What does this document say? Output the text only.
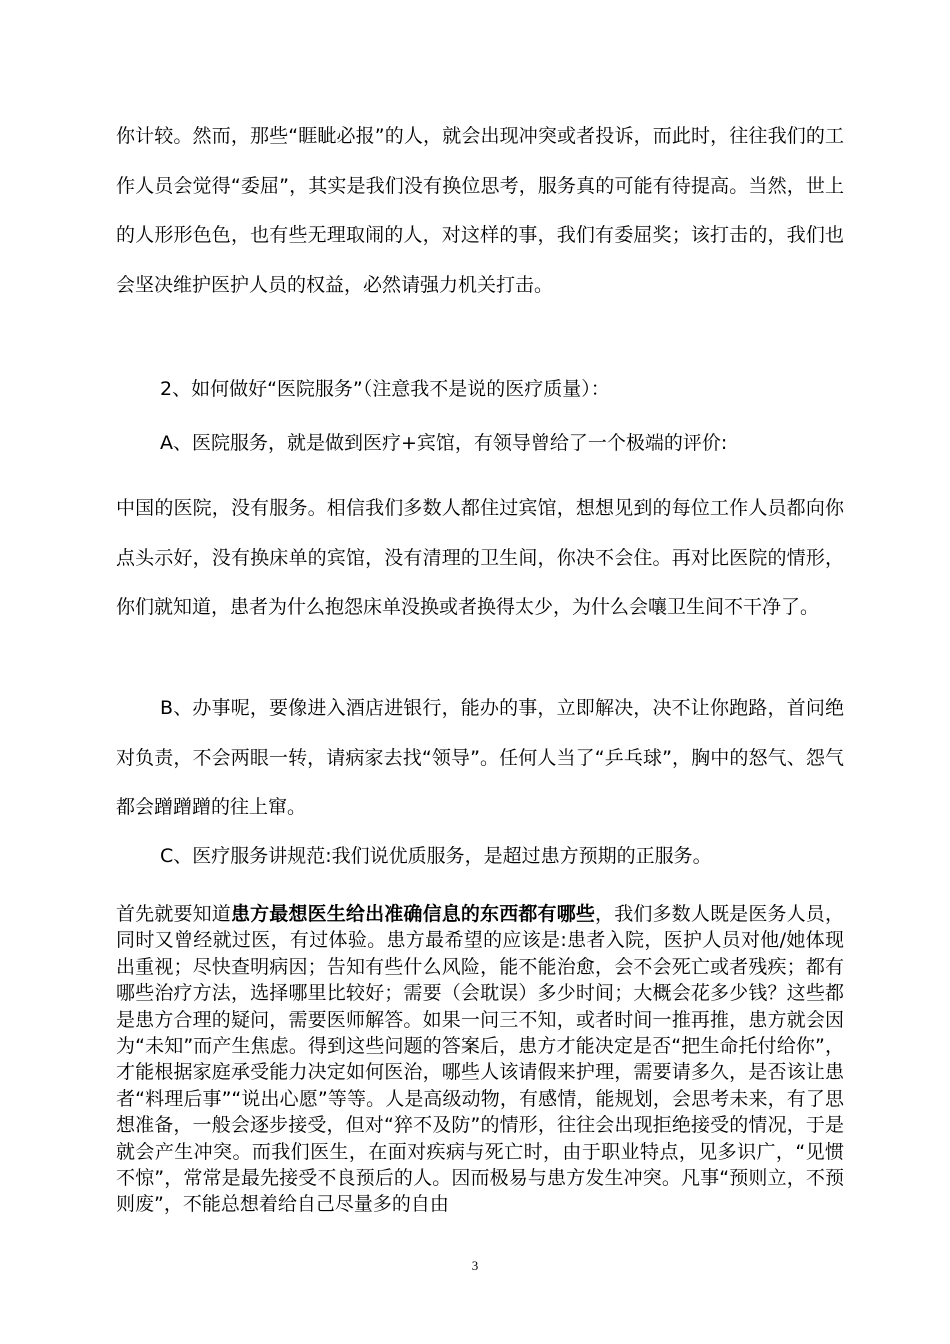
你计较。然而，那些“睚眦必报”的人，就会出现冲突或者投诉，而此时，往往我们的工作人员会觉得“委屈”，其实是我们没有换位思考，服务真的可能有待提高。当然，世上的人形形色色，也有些无理取闹的人，对这样的事，我们有委屈奖；该打击的，我们也会坚决维护医护人员的权益，必然请强力机关打击。

2、如何做好“医院服务”（注意我不是说的医疗质量）：

A、医院服务，就是做到医疗+宾馆，有领导曾给了一个极端的评价:

中国的医院，没有服务。相信我们多数人都住过宾馆，想想见到的每位工作人员都向你点头示好，没有换床单的宾馆，没有清理的卫生间，你决不会住。再对比医院的情形，你们就知道，患者为什么抱怨床单没换或者换得太少，为什么会嚷卫生间不干净了。

B、办事呢，要像进入酒店进银行，能办的事，立即解决，决不让你跑路，首问绝对负责，不会两眼一转，请病家去找“领导”。任何人当了“乒乓球”，胸中的怒气、怨气都会蹭蹭蹭的往上窜。

C、医疗服务讲规范:我们说优质服务，是超过患方预期的正服务。

首先就要知道患方最想医生给出准确信息的东西都有哪些，我们多数人既是医务人员，同时又曾经就过医，有过体验。患方最希望的应该是:患者入院，医护人员对他/她体现出重视；尽快查明病因；告知有些什么风险，能不能治愈，会不会死亡或者残疾；都有哪些治疗方法，选择哪里比较好；需要（会耽误）多少时间；大概会花多少钱？这些都是患方合理的疑问，需要医师解答。如果一问三不知，或者时间一推再推，患方就会因为“未知”而产生焦虑。得到这些问题的答案后，患方才能决定是否“把生命托付给你”，才能根据家庭承受能力决定如何医治，哪些人该请假来护理，需要请多久，是否该让患者“料理后事”“说出心愿”等等。人是高级动物，有感情，能规划，会思考未来，有了思想准备，一般会逐步接受，但对“猝不及防”的情形，往往会出现拒绝接受的情况，于是就会产生冲突。而我们医生，在面对疾病与死亡时，由于职业特点，见多识广，“见惯不惊”，常常是最先接受不良预后的人。因而极易与患方发生冲突。凡事“预则立，不预则废”，不能总想着给自己尽量多的自由

3
